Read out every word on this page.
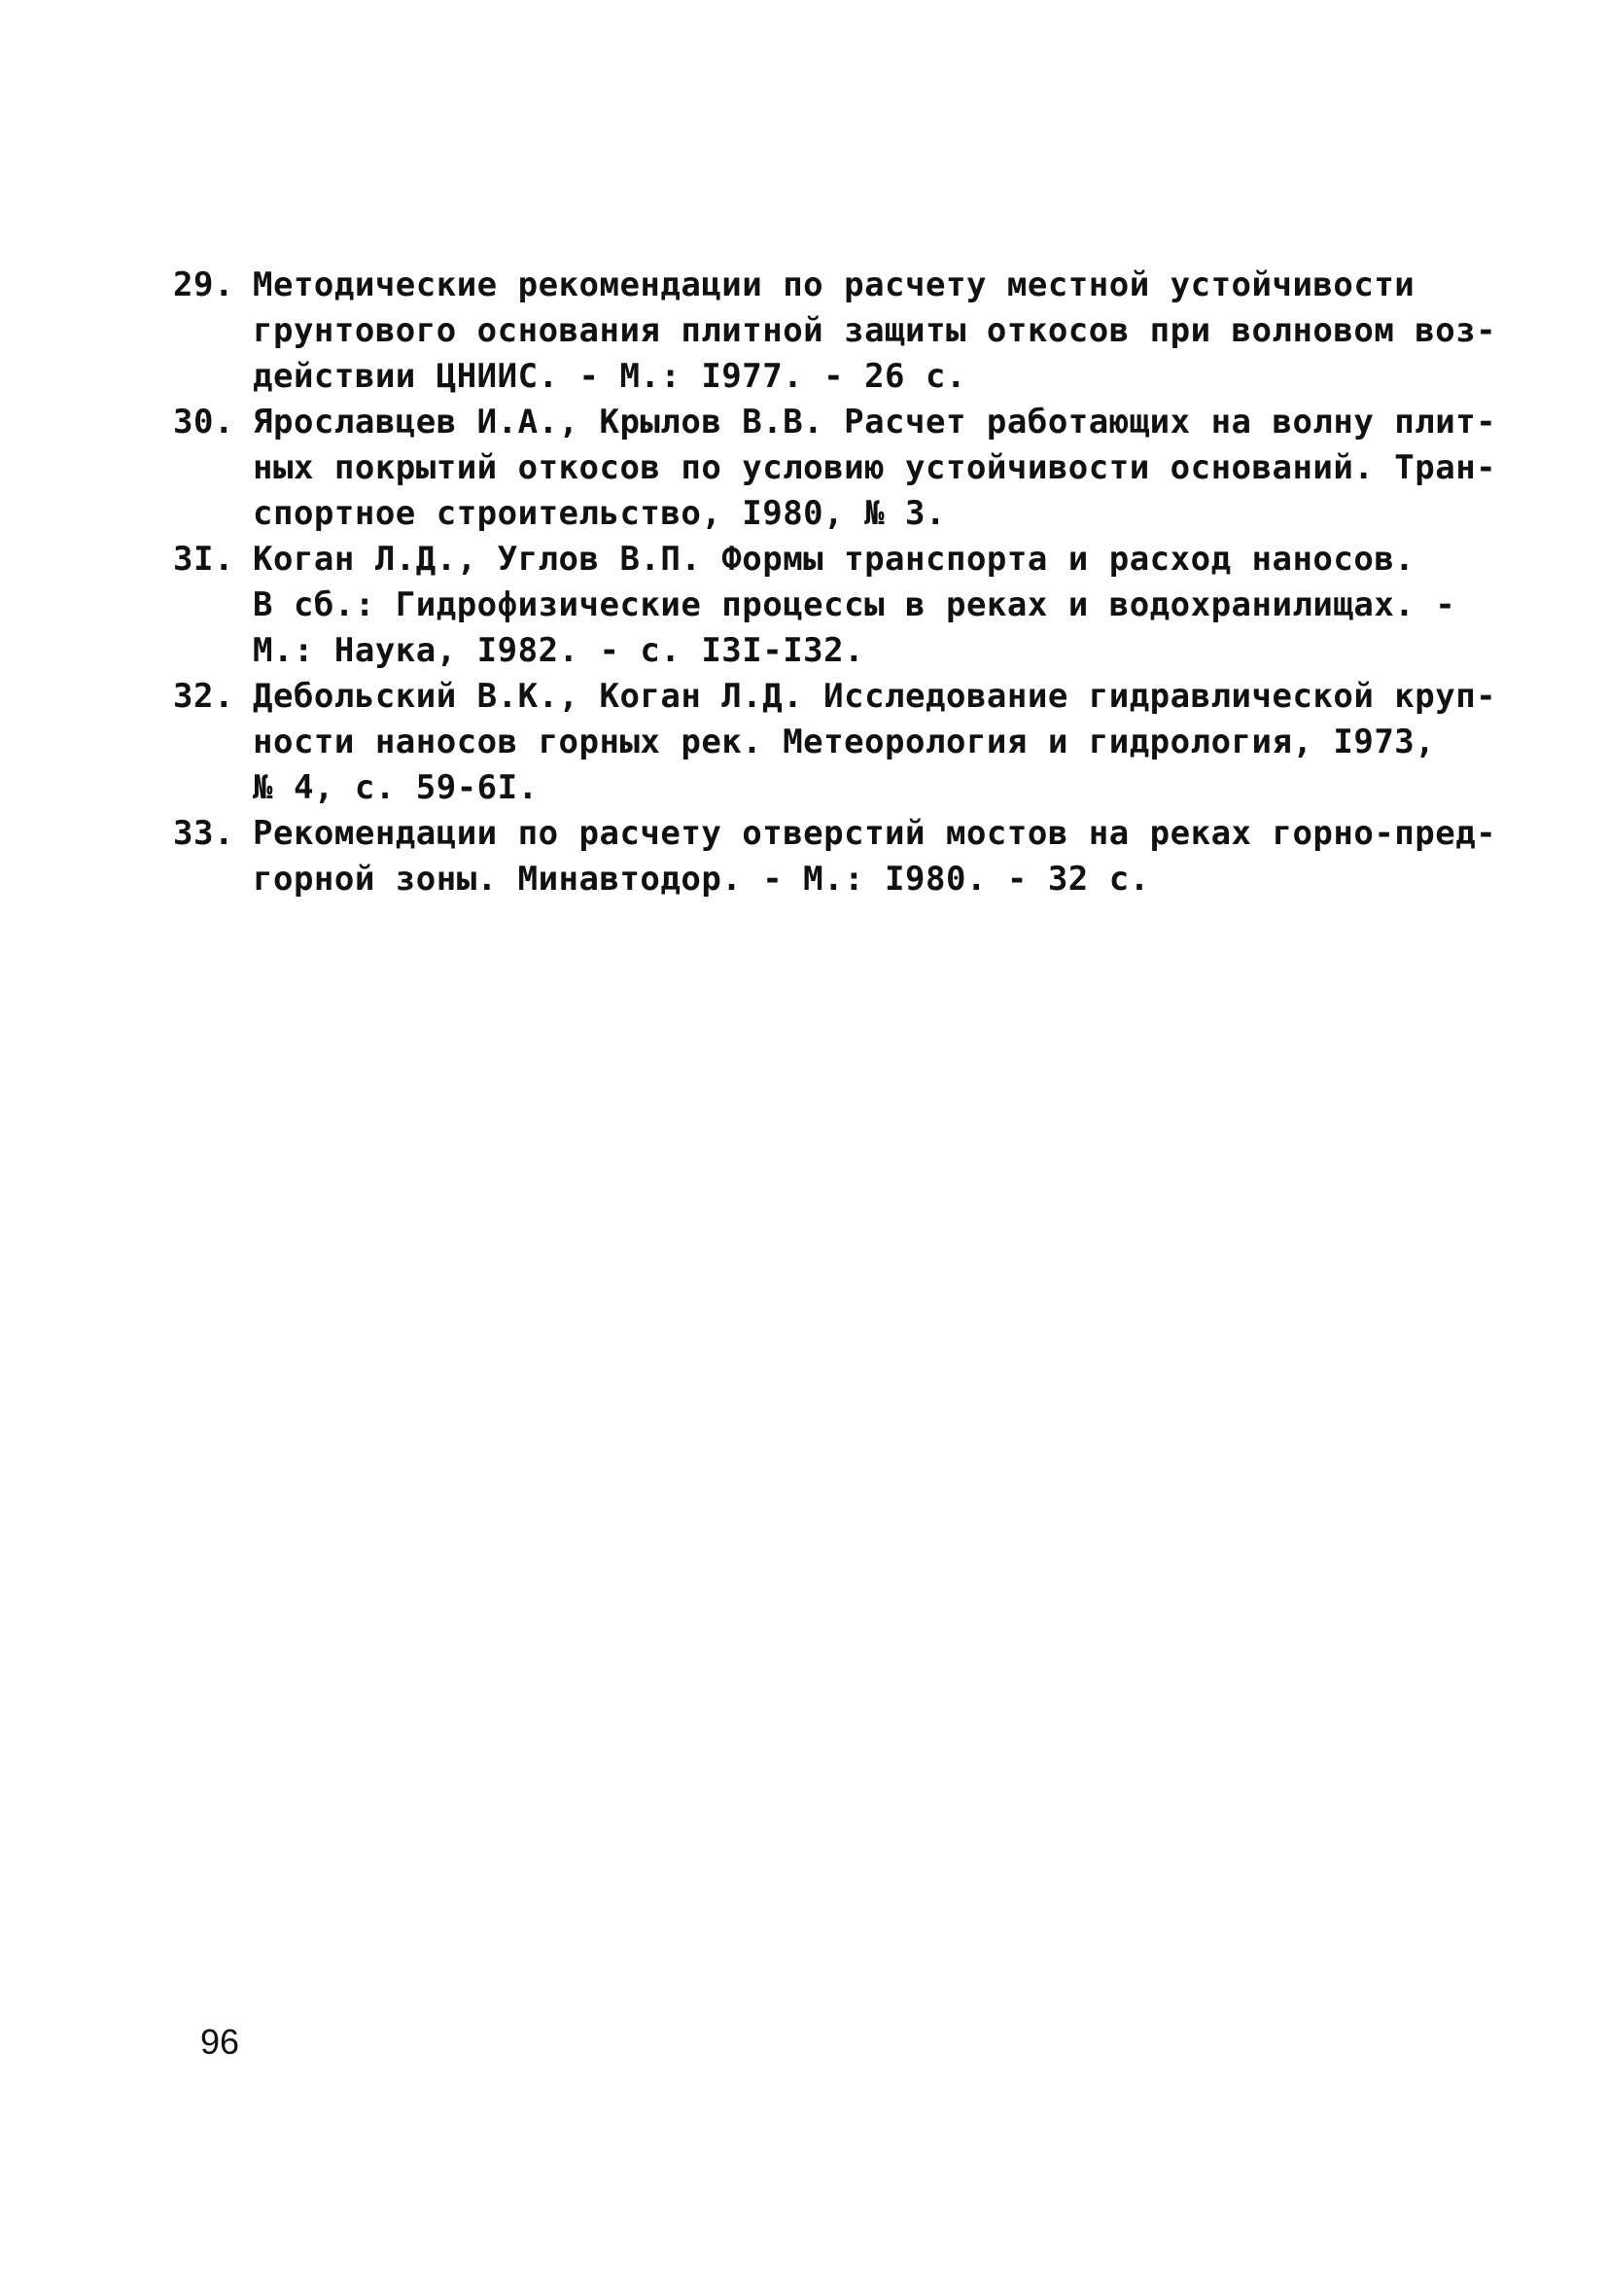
29. Методические рекомендации по расчету местной устойчивости
грунтового основания плитной защиты откосов при волновом воз-
действии ЦНИИС. - М.: I977. - 26 с.
30. Ярославцев И.А., Крылов В.В. Расчет работающих на волну плит-
ных покрытий откосов по условию устойчивости оснований. Тран-
спортное строительство, I980, № 3.
3I. Коган Л.Д., Углов В.П. Формы транспорта и расход наносов.
В сб.: Гидрофизические процессы в реках и водохранилищах. -
М.: Наука, I982. - с. I3I-I32.
32. Дебольский В.К., Коган Л.Д. Исследование гидравлической круп-
ности наносов горных рек. Метеорология и гидрология, I973,
№ 4, с. 59-6I.
33. Рекомендации по расчету отверстий мостов на реках горно-пред-
горной зоны. Минавтодор. - М.: I980. - 32 с.
96
